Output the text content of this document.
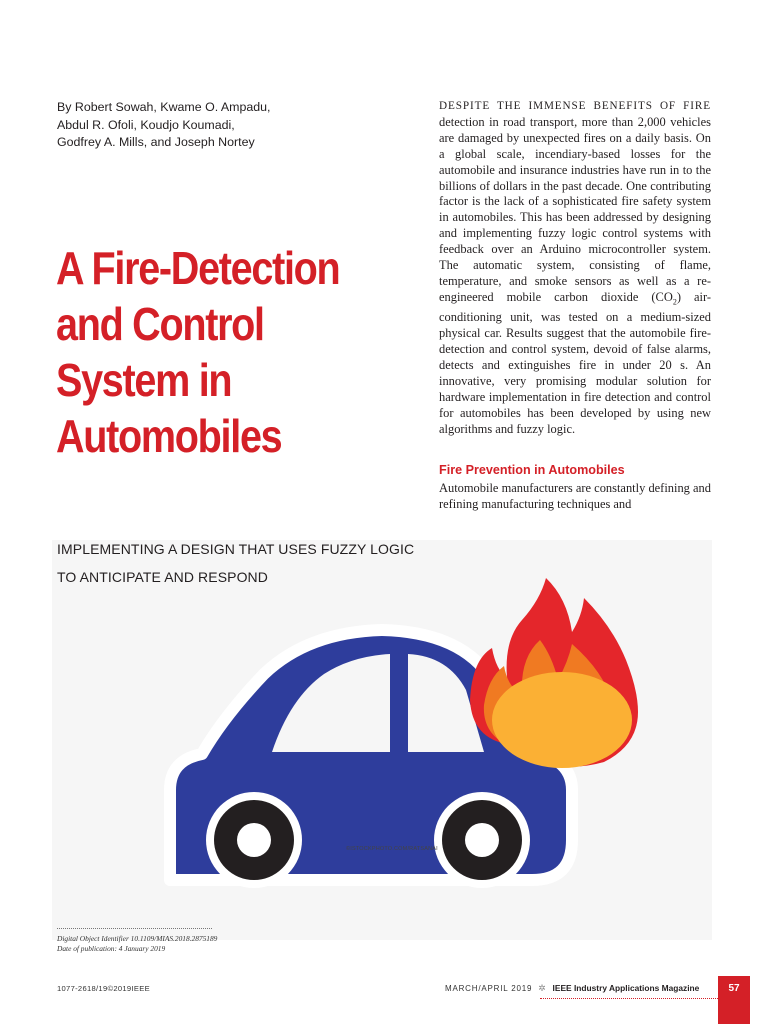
By Robert Sowah, Kwame O. Ampadu,
Abdul R. Ofoli, Koudjo Koumadi,
Godfrey A. Mills, and Joseph Nortey
A Fire-Detection
and Control
System in
Automobiles

DESPITE THE IMMENSE BENEFITS OF FIRE detection in road transport, more than 2,000 vehicles are damaged by unexpected fires on a daily basis. On a global scale, incendiary-based losses for the automobile and insurance industries have run in to the billions of dollars in the past decade. One contributing factor is the lack of a sophisticated fire safety system in automobiles. This has been addressed by designing and implementing fuzzy logic control systems with feedback over an Arduino microcontroller system. The automatic system, consisting of flame, temperature, and smoke sensors as well as a re-engineered mobile carbon dioxide $(CO_2)$ air-conditioning unit, was tested on a medium-sized physical car. Results suggest that the automobile fire-detection and control system, devoid of false alarms, detects and extinguishes fire in under 20 s. An innovative, very promising modular solution for hardware implementation in fire detection and control for automobiles has been developed by using new algorithms and fuzzy logic.

Fire Prevention in Automobiles
Automobile manufacturers are constantly defining and refining manufacturing techniques and
IMPLEMENTING A DESIGN THAT USES FUZZY LOGIC
TO ANTICIPATE AND RESPOND
©ISTOCKPHOTO.COM/RATSANAI
Digital Object Identifier 10.1109/MIAS.2018.2875189
Date of publication: 4 January 2019
1077-2618/19©2019IEEE	MARCH/APRIL 2019 ✲ IEEE Industry Applications Magazine	57
